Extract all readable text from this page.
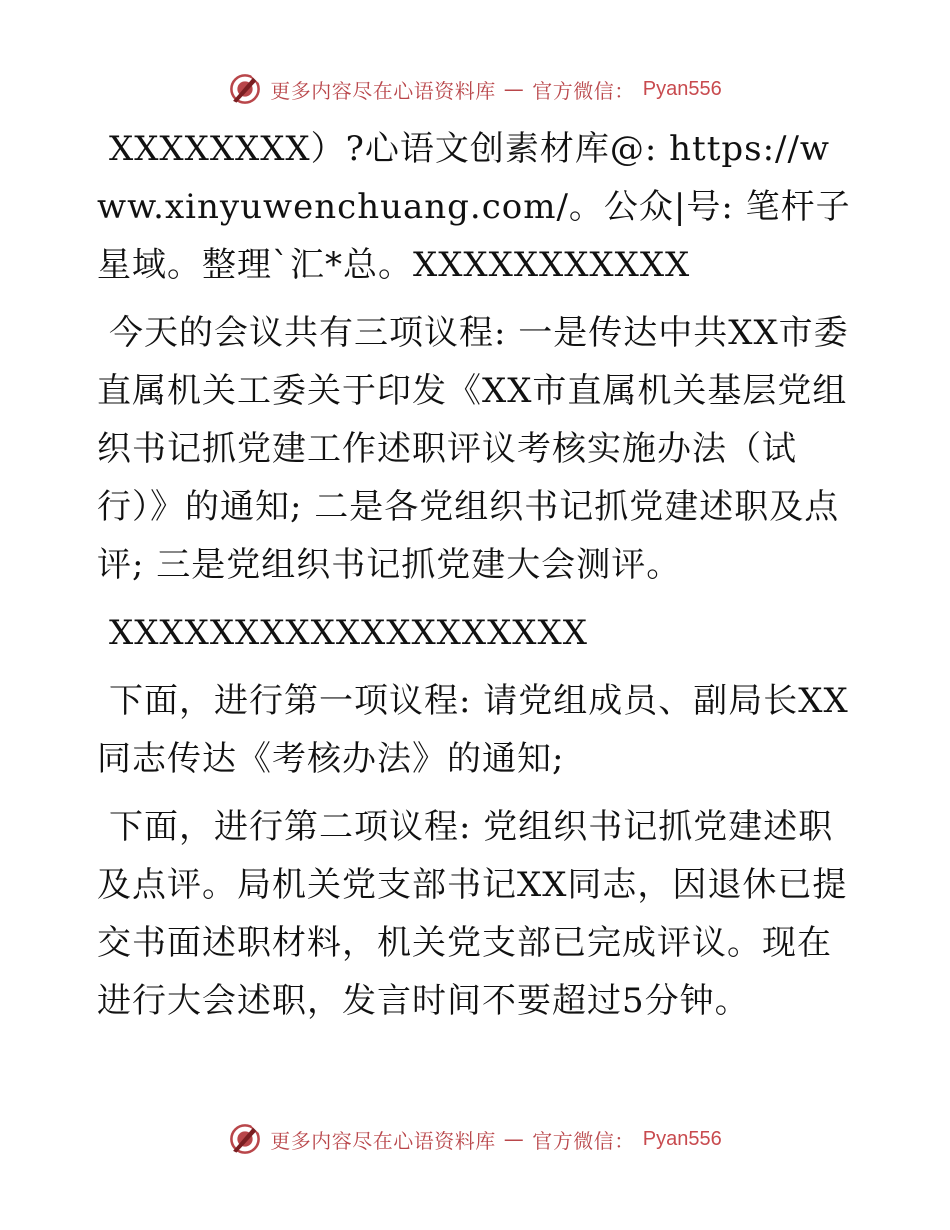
更多内容尽在心语资料库 — 官方微信： Pyan556

XXXXXXXX）?心语文创素材库@: https://www.xinyuwenchuang.com/。公众|号: 笔杆子星域。整理`汇*总。XXXXXXXXXXX

今天的会议共有三项议程: 一是传达中共XX市委直属机关工委关于印发《XX市直属机关基层党组织书记抓党建工作述职评议考核实施办法（试行）》的通知; 二是各党组织书记抓党建述职及点评; 三是党组织书记抓党建大会测评。

XXXXXXXXXXXXXXXXXXX

下面，进行第一项议程: 请党组成员、副局长XX同志传达《考核办法》的通知;

下面，进行第二项议程: 党组织书记抓党建述职及点评。局机关党支部书记XX同志，因退休已提交书面述职材料，机关党支部已完成评议。现在进行大会述职，发言时间不要超过5分钟。

更多内容尽在心语资料库 — 官方微信： Pyan556
